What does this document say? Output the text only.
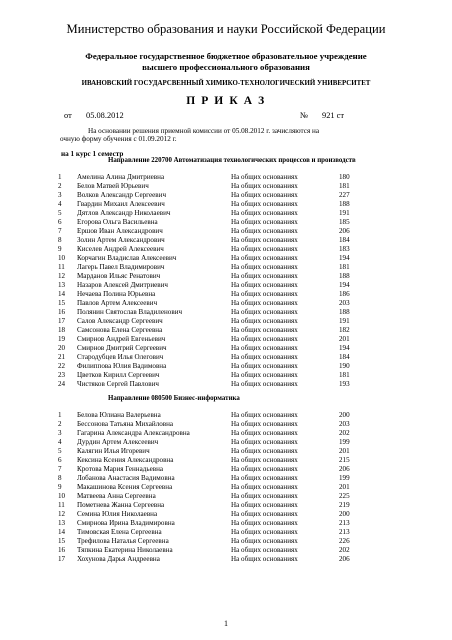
Министерство образования и науки Российской Федерации
Федеральное государственное бюджетное образовательное учреждение
высшего профессионального образования
ИВАНОВСКИЙ ГОСУДАРСВЕННЫЙ ХИМИКО-ТЕХНОЛОГИЧЕСКИЙ УНИВЕРСИТЕТ
П Р И К А З
от 05.08.2012	№ 921 ст
На основании решения приемной комиссии от 05.08.2012 г. зачисляются на
очную форму обучения с 01.09.2012 г.
на 1 курс 1 семестр
Направление 220700 Автоматизация технологических процессов и производств
1	Амелина Алина Дмитриевна	На общих основаниях	180
2	Белов Матвей Юрьевич	На общих основаниях	181
3	Волков Александр Сергеевич	На общих основаниях	227
4	Гвардин Михаил Алексеевич	На общих основаниях	188
5	Дятлов Александр Николаевич	На общих основаниях	191
6	Егорова Ольга Васильевна	На общих основаниях	185
7	Ершов Иван Александрович	На общих основаниях	206
8	Золин Артем Александрович	На общих основаниях	184
9	Киселев Андрей Алексеевич	На общих основаниях	183
10	Корчагин Владислав Алексеевич	На общих основаниях	194
11	Лагерь Павел Владимирович	На общих основаниях	181
12	Марданов Ильяс Ренатович	На общих основаниях	188
13	Назаров Алексей Дмитриевич	На общих основаниях	194
14	Нечаева Полина Юрьевна	На общих основаниях	186
15	Павлов Артем Алексеевич	На общих основаниях	203
16	Полянин Святослав Владиленович	На общих основаниях	188
17	Салов Александр Сергеевич	На общих основаниях	191
18	Самсонова Елена Сергеевна	На общих основаниях	182
19	Смирнов Андрей Евгеньевич	На общих основаниях	201
20	Смирнов Дмитрий Сергеевич	На общих основаниях	194
21	Стародубцев Илья Олегович	На общих основаниях	184
22	Филиппова Юлия Вадимовна	На общих основаниях	190
23	Цветков Кирилл Сергеевич	На общих основаниях	181
24	Чистяков Сергей Павлович	На общих основаниях	193
Направление 080500 Бизнес-информатика
1	Белова Юлиана Валерьевна	На общих основаниях	200
2	Бессонова Татьяна Михайловна	На общих основаниях	203
3	Гагарина Александра Александровна	На общих основаниях	202
4	Дурдин Артем Алексеевич	На общих основаниях	199
5	Калягин Илья Игоревич	На общих основаниях	201
6	Кексина Ксения Александровна	На общих основаниях	215
7	Кротова Мария Геннадьевна	На общих основаниях	206
8	Лобанова Анастасия Вадимовна	На общих основаниях	199
9	Макашинова Ксения Сергеевна	На общих основаниях	201
10	Матвеева Анна Сергеевна	На общих основаниях	225
11	Пометнева Жанна Сергеевна	На общих основаниях	219
12	Семина Юлия Николаевна	На общих основаниях	200
13	Смирнова Ирина Владимировна	На общих основаниях	213
14	Тимовская Елена Сергеевна	На общих основаниях	213
15	Трефилова Наталья Сергеевна	На общих основаниях	226
16	Тяпкина Екатерина Николаевна	На общих основаниях	202
17	Хохунова Дарья Андреевна	На общих основаниях	206
1
